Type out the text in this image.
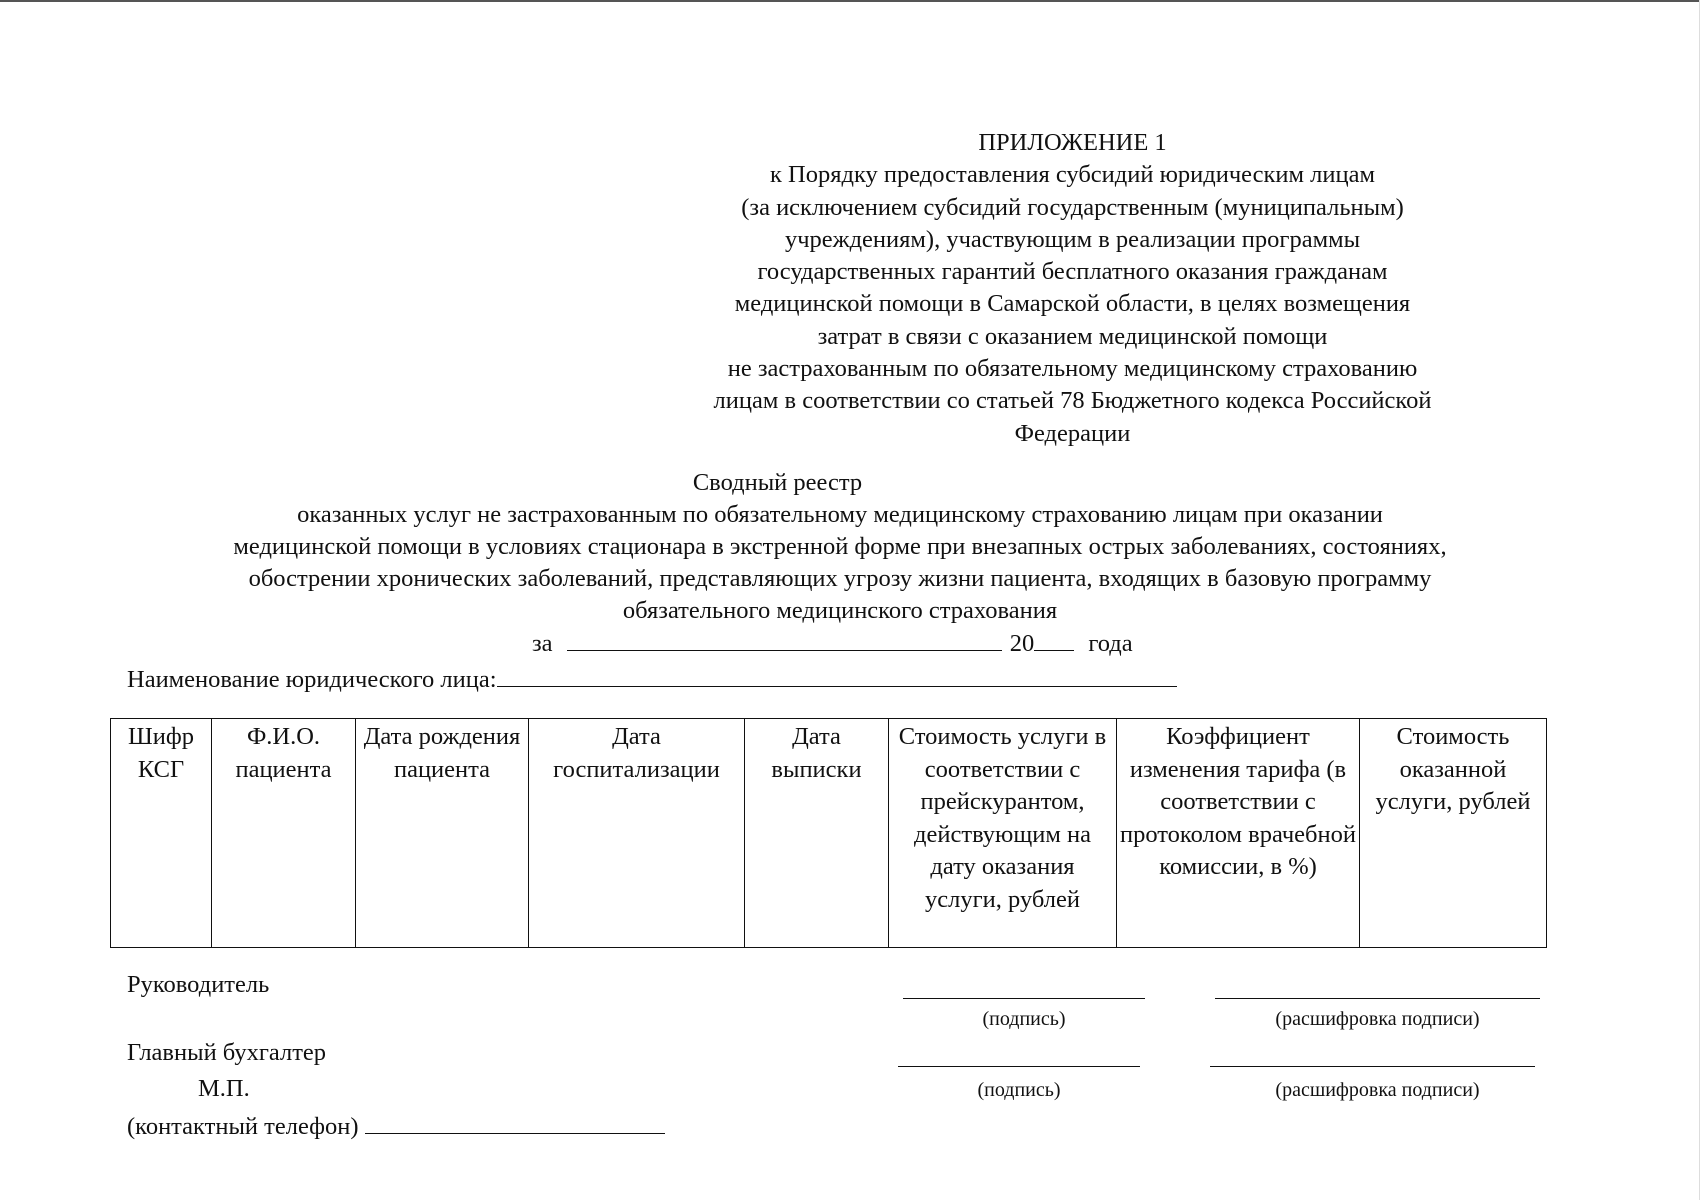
ПРИЛОЖЕНИЕ 1
к Порядку предоставления субсидий юридическим лицам
(за исключением субсидий государственным (муниципальным)
учреждениям), участвующим в реализации программы
государственных гарантий бесплатного оказания гражданам
медицинской помощи в Самарской области, в целях возмещения
затрат в связи с оказанием медицинской помощи
не застрахованным по обязательному медицинскому страхованию
лицам в соответствии со статьей 78 Бюджетного кодекса Российской
Федерации
Сводный реестр
оказанных услуг не застрахованным по обязательному медицинскому страхованию лицам при оказании
медицинской помощи в условиях стационара в экстренной форме при внезапных острых заболеваниях, состояниях,
обострении хронических заболеваний, представляющих угрозу жизни пациента, входящих в базовую программу
обязательного медицинского страхования
за	20 года
Наименование юридического лица:
Шифр КСГ	Ф.И.О. пациента	Дата рождения пациента	Дата госпитализации	Дата выписки	Стоимость услуги в соответствии с прейскурантом, действующим на дату оказания услуги, рублей	Коэффициент изменения тарифа (в соответствии с протоколом врачебной комиссии, в %)	Стоимость оказанной услуги, рублей
Руководитель
(подпись)	(расшифровка подписи)
Главный бухгалтер
(подпись)	(расшифровка подписи)
М.П.
(контактный телефон)
